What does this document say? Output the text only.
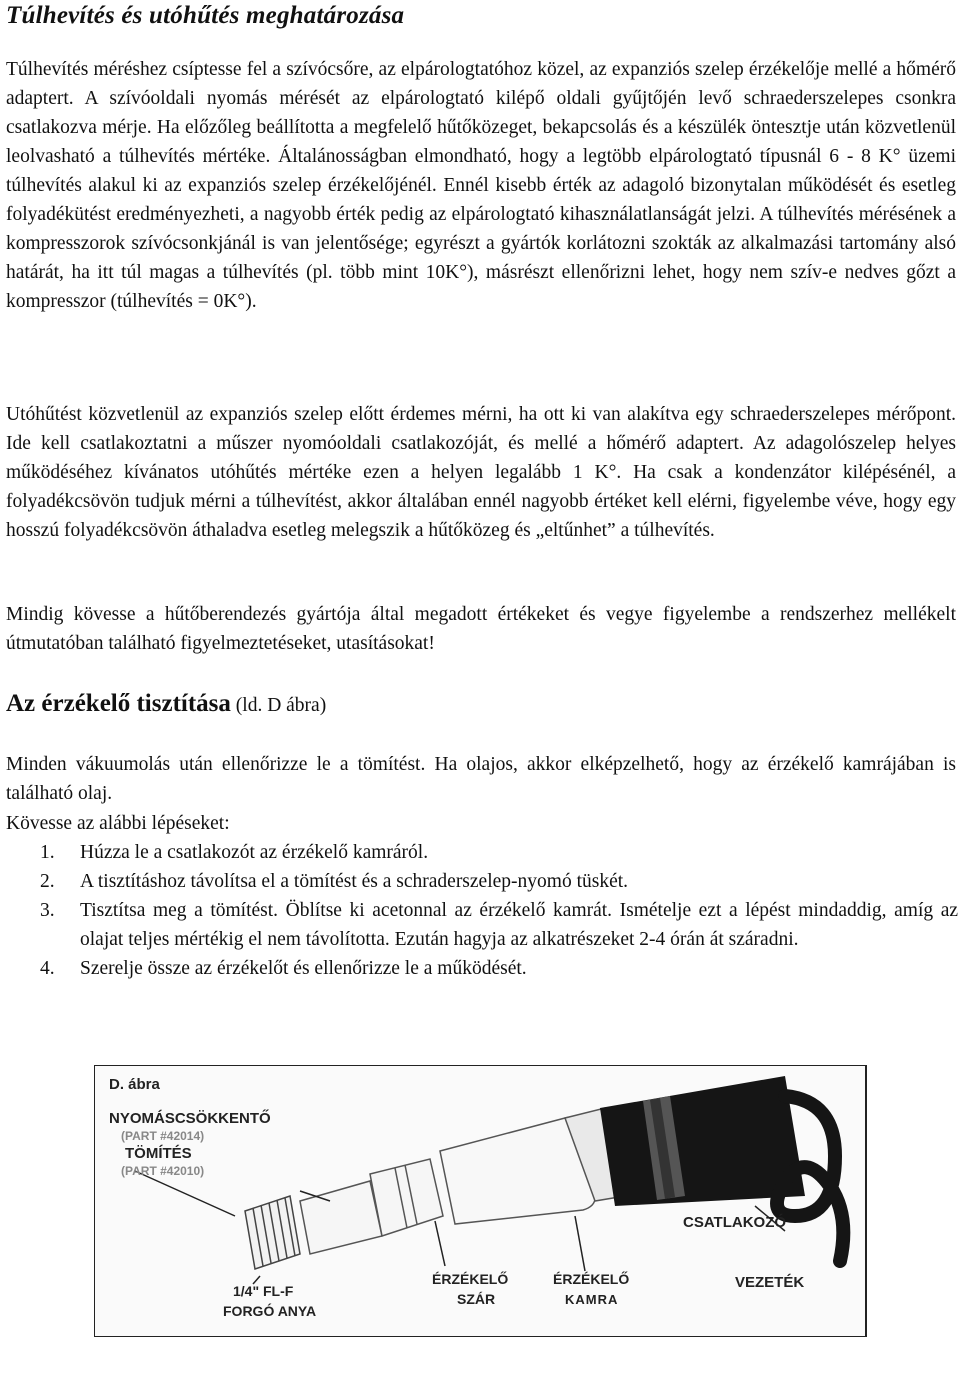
Túlhevítés és utóhűtés meghatározása

Túlhevítés méréshez csíptesse fel a szívócsőre, az elpárologtatóhoz közel, az expanziós szelep érzékelője mellé a hőmérő adaptert. A szívóoldali nyomás mérését az elpárologtató kilépő oldali gyűjtőjén levő schraederszelepes csonkra csatlakozva mérje. Ha előzőleg beállította a megfelelő hűtőközeget, bekapcsolás és a készülék öntesztje után közvetlenül leolvasható a túlhevítés mértéke. Általánosságban elmondható, hogy a legtöbb elpárologtató típusnál 6 - 8 K° üzemi túlhevítés alakul ki az expanziós szelep érzékelőjénél. Ennél kisebb érték az adagoló bizonytalan működését és esetleg folyadékütést eredményezheti, a nagyobb érték pedig az elpárologtató kihasználatlanságát jelzi. A túlhevítés mérésének a kompresszorok szívócsonkjánál is van jelentősége; egyrészt a gyártók korlátozni szokták az alkalmazási tartomány alsó határát, ha itt túl magas a túlhevítés (pl. több mint 10K°), másrészt ellenőrizni lehet, hogy nem szív-e nedves gőzt a kompresszor (túlhevítés = 0K°).

Utóhűtést közvetlenül az expanziós szelep előtt érdemes mérni, ha ott ki van alakítva egy schraederszelepes mérőpont. Ide kell csatlakoztatni a műszer nyomóoldali csatlakozóját, és mellé a hőmérő adaptert. Az adagolószelep helyes működéséhez kívánatos utóhűtés mértéke ezen a helyen legalább 1 K°. Ha csak a kondenzátor kilépésénél, a folyadékcsövön tudjuk mérni a túlhevítést, akkor általában ennél nagyobb értéket kell elérni, figyelembe véve, hogy egy hosszú folyadékcsövön áthaladva esetleg melegszik a hűtőközeg és „eltűnhet” a túlhevítés.

Mindig kövesse a hűtőberendezés gyártója által megadott értékeket és vegye figyelembe a rendszerhez mellékelt útmutatóban található figyelmeztetéseket, utasításokat!

Az érzékelő tisztítása (ld. D ábra)

Minden vákuumolás után ellenőrizze le a tömítést. Ha olajos, akkor elképzelhető, hogy az érzékelő kamrájában is található olaj.

Kövesse az alábbi lépéseket:

1. Húzza le a csatlakozót az érzékelő kamráról.
2. A tisztításhoz távolítsa el a tömítést és a schraderszelep-nyomó tüskét.
3. Tisztítsa meg a tömítést. Öblítse ki acetonnal az érzékelő kamrát. Ismételje ezt a lépést mindaddig, amíg az olajat teljes mértékig el nem távolította. Ezután hagyja az alkatrészeket 2-4 órán át száradni.
4. Szerelje össze az érzékelőt és ellenőrizze le a működését.
D. ábra
NYOMÁSCSÖKKENTŐ
(PART #42014)
TÖMÍTÉS
(PART #42010)
CSATLAKOZÓ
ÉRZÉKELŐ
SZÁR
ÉRZÉKELŐ
KAMRA
VEZETÉK
1/4" FL-F
FORGÓ ANYA
